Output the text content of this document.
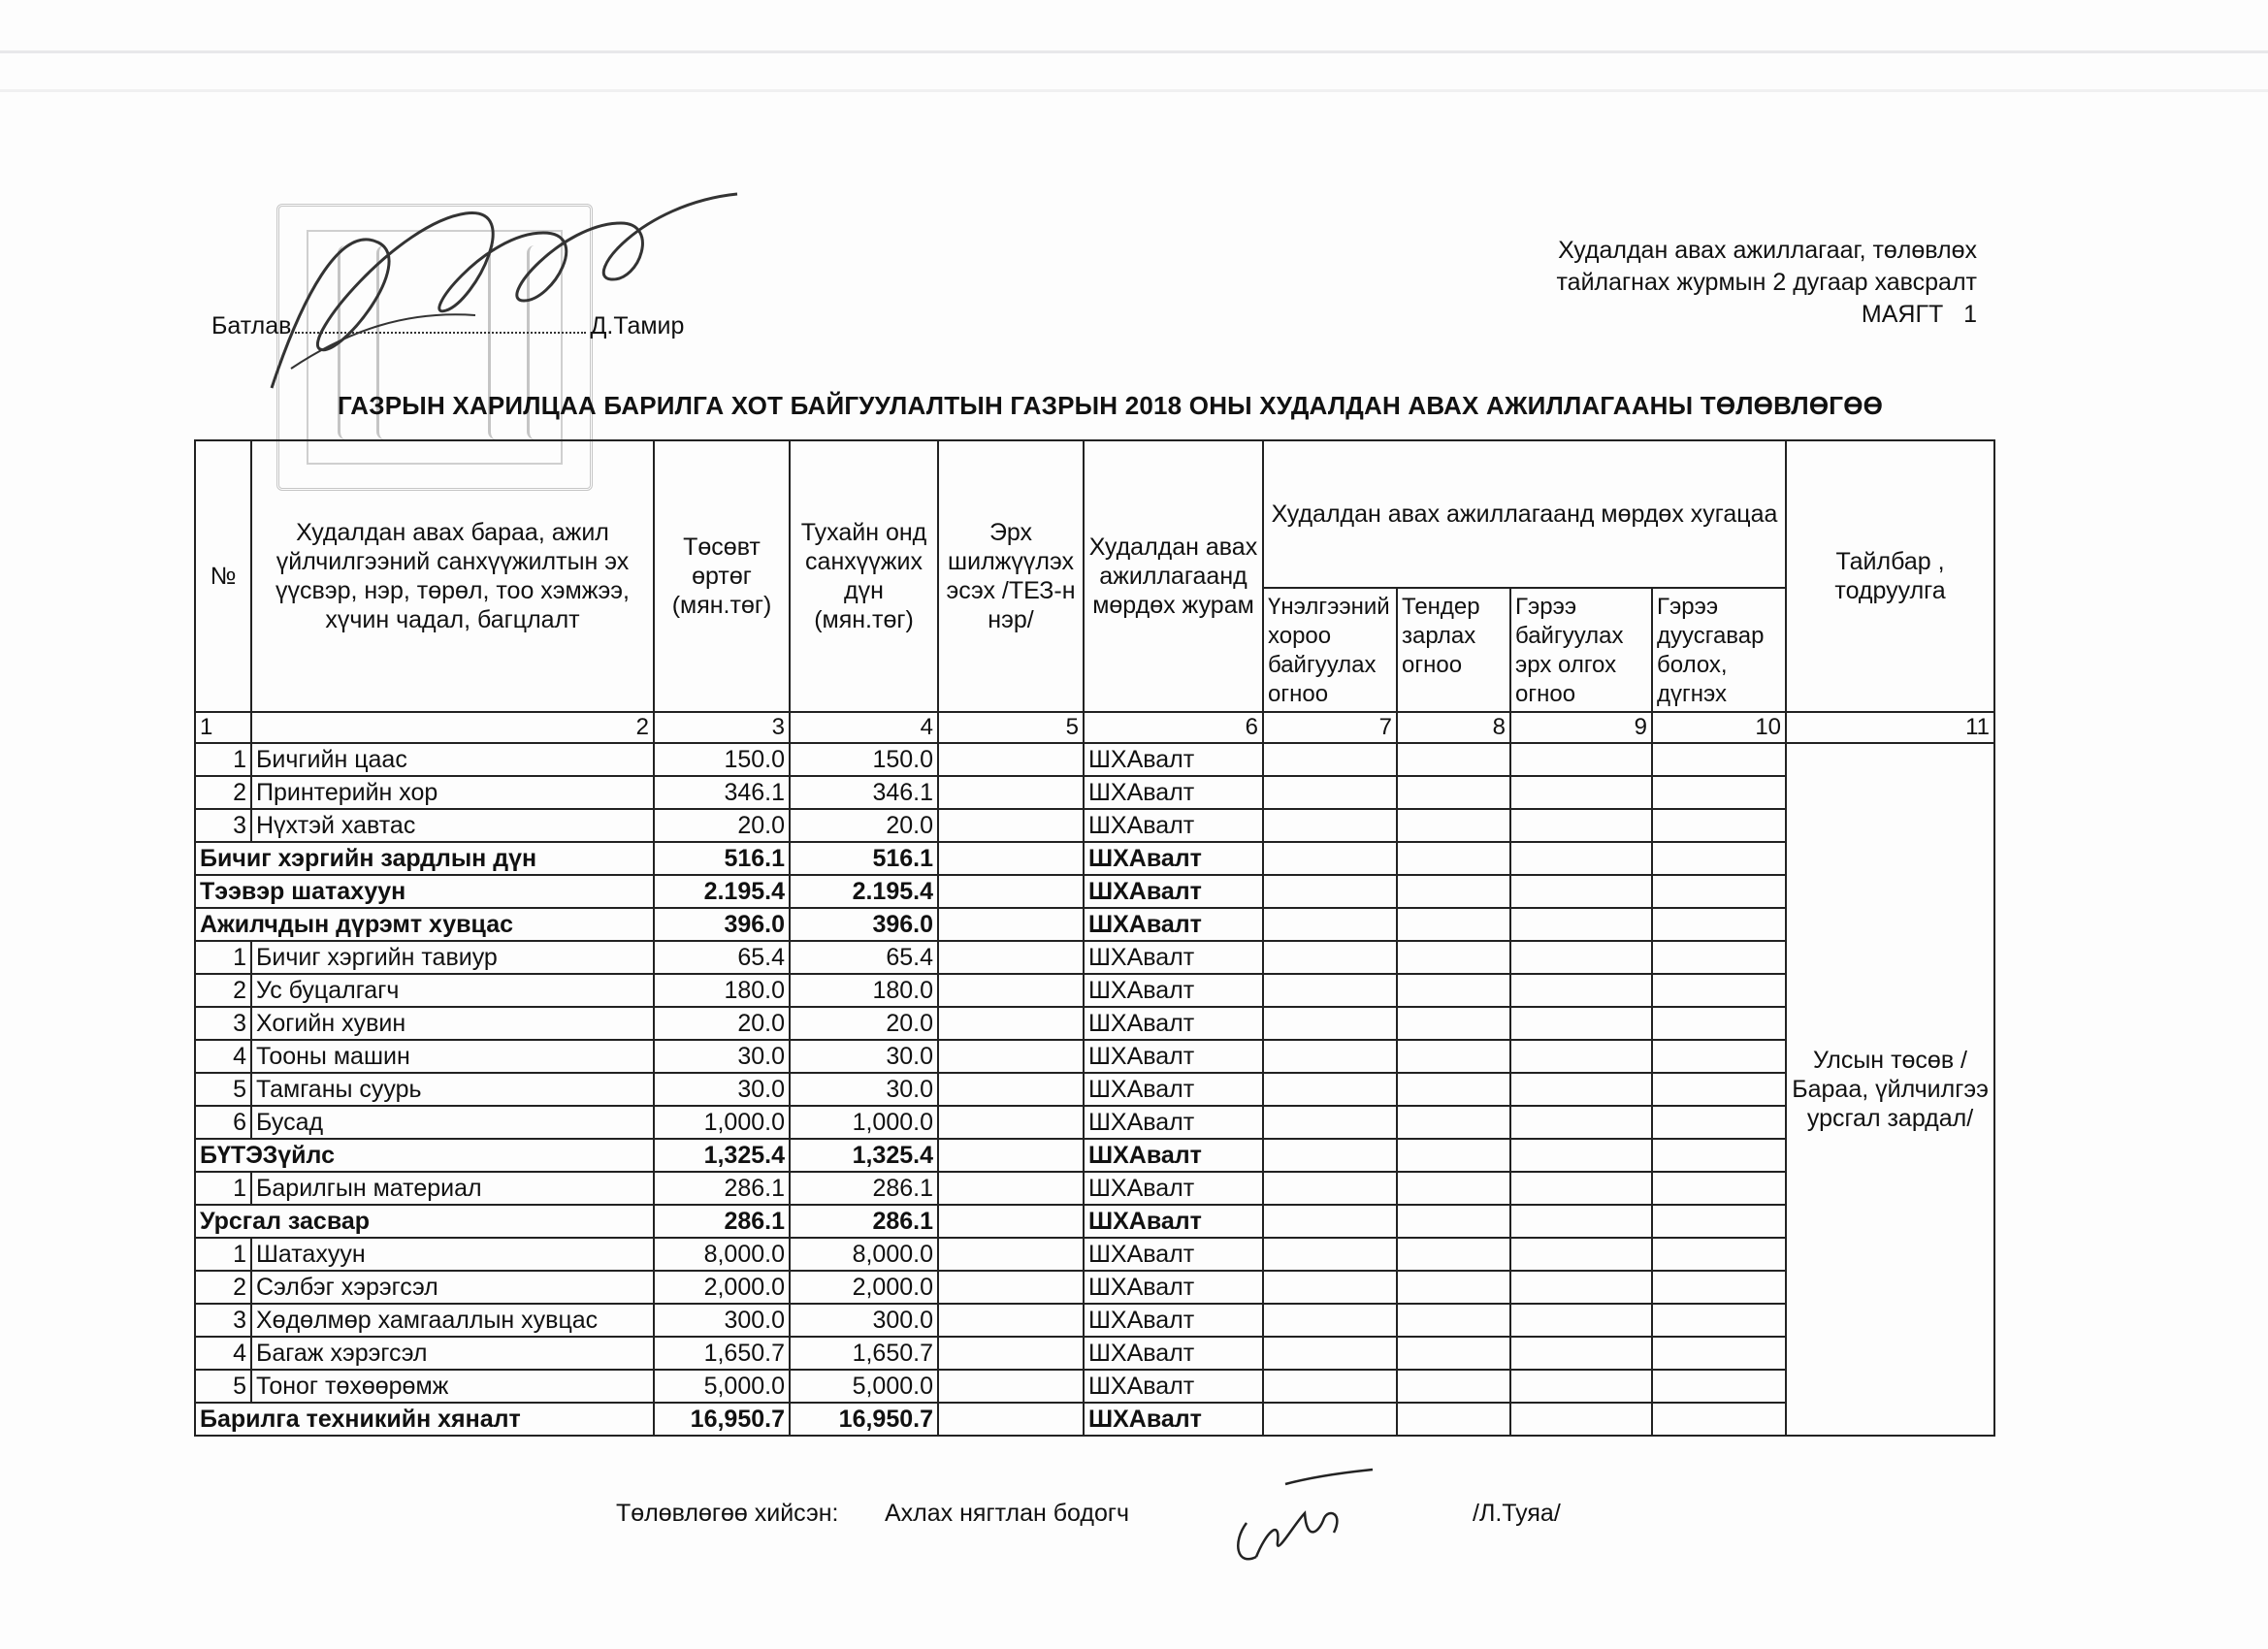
Худалдан авах ажиллагааг, төлөвлөх
тайлагнах журмын 2 дугаар хавсралт
МАЯГТ   1
Батлав	Д.Тамир
ГАЗРЫН ХАРИЛЦАА БАРИЛГА ХОТ БАЙГУУЛАЛТЫН ГАЗРЫН 2018 ОНЫ ХУДАЛДАН АВАХ АЖИЛЛАГААНЫ ТӨЛӨВЛӨГӨӨ
№	Худалдан авах бараа, ажил үйлчилгээний санхүүжилтын эх үүсвэр, нэр, төрөл, тоо хэмжээ, хүчин чадал, багцлалт	Төсөвт өртөг (мян.төг)	Тухайн онд санхүүжих дүн (мян.төг)	Эрх шилжүүлэх эсэх /ТЕЗ-н нэр/	Худалдан авах ажиллагаанд мөрдөх журам	Худалдан авах ажиллагаанд мөрдөх хугацаа				Тайлбар , тодруулга
						Үнэлгээний хороо байгуулах огноо	Тендер зарлах огноо	Гэрээ байгуулах эрх олгох огноо	Гэрээ дуусгавар болох, дүгнэх	
1	2	3	4	5	6	7	8	9	10	11
1	Бичгийн цаас	150.0	150.0		ШХАвалт					Улсын төсөв /Бараа, үйлчилгээ урсгал зардал/
2	Принтерийн хор	346.1	346.1		ШХАвалт					
3	Нүхтэй хавтас	20.0	20.0		ШХАвалт					
Бичиг хэргийн зардлын дүн		516.1	516.1		ШХАвалт					
Тээвэр шатахуун		2.195.4	2.195.4		ШХАвалт					
Ажилчдын дүрэмт хувцас		396.0	396.0		ШХАвалт					
1	Бичиг хэргийн тавиур	65.4	65.4		ШХАвалт					
2	Ус буцалгагч	180.0	180.0		ШХАвалт					
3	Хогийн хувин	20.0	20.0		ШХАвалт					
4	Тооны машин	30.0	30.0		ШХАвалт					
5	Тамганы суурь	30.0	30.0		ШХАвалт					
6	Бусад	1,000.0	1,000.0		ШХАвалт					
БҮТЭЗүйлс		1,325.4	1,325.4		ШХАвалт					
1	Барилгын материал	286.1	286.1		ШХАвалт					
Урсгал засвар		286.1	286.1		ШХАвалт					
1	Шатахуун	8,000.0	8,000.0		ШХАвалт					
2	Сэлбэг хэрэгсэл	2,000.0	2,000.0		ШХАвалт					
3	Хөдөлмөр хамгааллын хувцас	300.0	300.0		ШХАвалт					
4	Багаж хэрэгсэл	1,650.7	1,650.7		ШХАвалт					
5	Тоног төхөөрөмж	5,000.0	5,000.0		ШХАвалт					
Барилга техникийн хяналт		16,950.7	16,950.7		ШХАвалт					
Төлөвлөгөө хийсэн: Ахлах нягтлан бодогч	/Л.Туяа/
